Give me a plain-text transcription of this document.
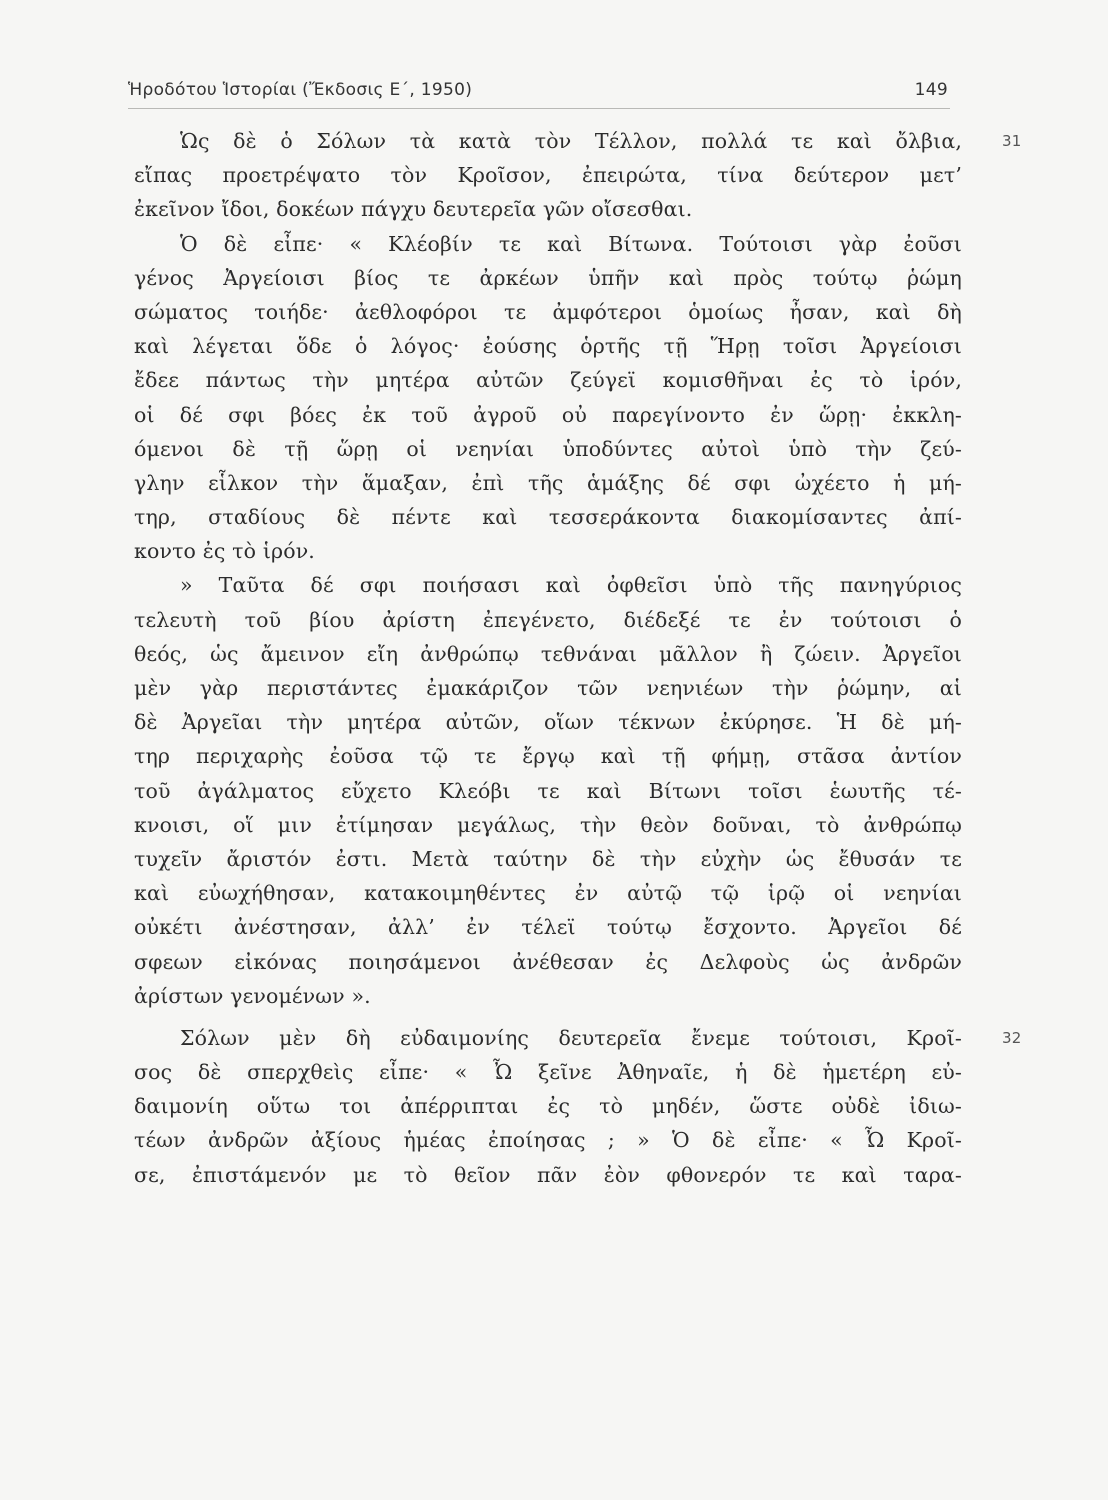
Ἡροδότου Ἱστορίαι (Ἔκδοσις Ε΄, 1950)	149
Ὡς δὲ ὁ Σόλων τὰ κατὰ τὸν Τέλλον, πολλά τε καὶ ὄλβια,	31
εἴπας προετρέψατο τὸν Κροῖσον, ἐπειρώτα, τίνα δεύτερον μετ’
ἐκεῖνον ἴδοι, δοκέων πάγχυ δευτερεῖα γῶν οἴσεσθαι.
Ὁ δὲ εἶπε· « Κλέοβίν τε καὶ Βίτωνα. Τούτοισι γὰρ ἐοῦσι
γένος Ἀργείοισι βίος τε ἀρκέων ὑπῆν καὶ πρὸς τούτῳ ῥώμη
σώματος τοιήδε· ἀεθλοφόροι τε ἀμφότεροι ὁμοίως ἦσαν, καὶ δὴ
καὶ λέγεται ὅδε ὁ λόγος· ἐούσης ὁρτῆς τῇ Ἥρῃ τοῖσι Ἀργείοισι
ἔδεε πάντως τὴν μητέρα αὐτῶν ζεύγεϊ κομισθῆναι ἐς τὸ ἱρόν,
οἱ δέ σφι βόες ἐκ τοῦ ἀγροῦ οὐ παρεγίνοντο ἐν ὥρῃ· ἐκκλη-
όμενοι δὲ τῇ ὥρῃ οἱ νεηνίαι ὑποδύντες αὐτοὶ ὑπὸ τὴν ζεύ-
γλην εἷλκον τὴν ἅμαξαν, ἐπὶ τῆς ἁμάξης δέ σφι ὠχέετο ἡ μή-
τηρ, σταδίους δὲ πέντε καὶ τεσσεράκοντα διακομίσαντες ἀπί-
κοντο ἐς τὸ ἱρόν.
» Ταῦτα δέ σφι ποιήσασι καὶ ὀφθεῖσι ὑπὸ τῆς πανηγύριος
τελευτὴ τοῦ βίου ἀρίστη ἐπεγένετο, διέδεξέ τε ἐν τούτοισι ὁ
θεός, ὡς ἄμεινον εἴη ἀνθρώπῳ τεθνάναι μᾶλλον ἢ ζώειν. Ἀργεῖοι
μὲν γὰρ περιστάντες ἐμακάριζον τῶν νεηνιέων τὴν ῥώμην, αἱ
δὲ Ἀργεῖαι τὴν μητέρα αὐτῶν, οἵων τέκνων ἐκύρησε. Ἡ δὲ μή-
τηρ περιχαρὴς ἐοῦσα τῷ τε ἔργῳ καὶ τῇ φήμῃ, στᾶσα ἀντίον
τοῦ ἀγάλματος εὔχετο Κλεόβι τε καὶ Βίτωνι τοῖσι ἑωυτῆς τέ-
κνοισι, οἵ μιν ἐτίμησαν μεγάλως, τὴν θεὸν δοῦναι, τὸ ἀνθρώπῳ
τυχεῖν ἄριστόν ἐστι. Μετὰ ταύτην δὲ τὴν εὐχὴν ὡς ἔθυσάν τε
καὶ εὐωχήθησαν, κατακοιμηθέντες ἐν αὐτῷ τῷ ἱρῷ οἱ νεηνίαι
οὐκέτι ἀνέστησαν, ἀλλ’ ἐν τέλεϊ τούτῳ ἔσχοντο. Ἀργεῖοι δέ
σφεων εἰκόνας ποιησάμενοι ἀνέθεσαν ἐς Δελφοὺς ὡς ἀνδρῶν
ἀρίστων γενομένων ».
Σόλων μὲν δὴ εὐδαιμονίης δευτερεῖα ἔνεμε τούτοισι, Κροῖ-	32
σος δὲ σπερχθεὶς εἶπε· « Ὦ ξεῖνε Ἀθηναῖε, ἡ δὲ ἡμετέρη εὐ-
δαιμονίη οὕτω τοι ἀπέρριπται ἐς τὸ μηδέν, ὥστε οὐδὲ ἰδιω-
τέων ἀνδρῶν ἀξίους ἡμέας ἐποίησας ; » Ὁ δὲ εἶπε· « Ὦ Κροῖ-
σε, ἐπιστάμενόν με τὸ θεῖον πᾶν ἐὸν φθονερόν τε καὶ ταρα-
